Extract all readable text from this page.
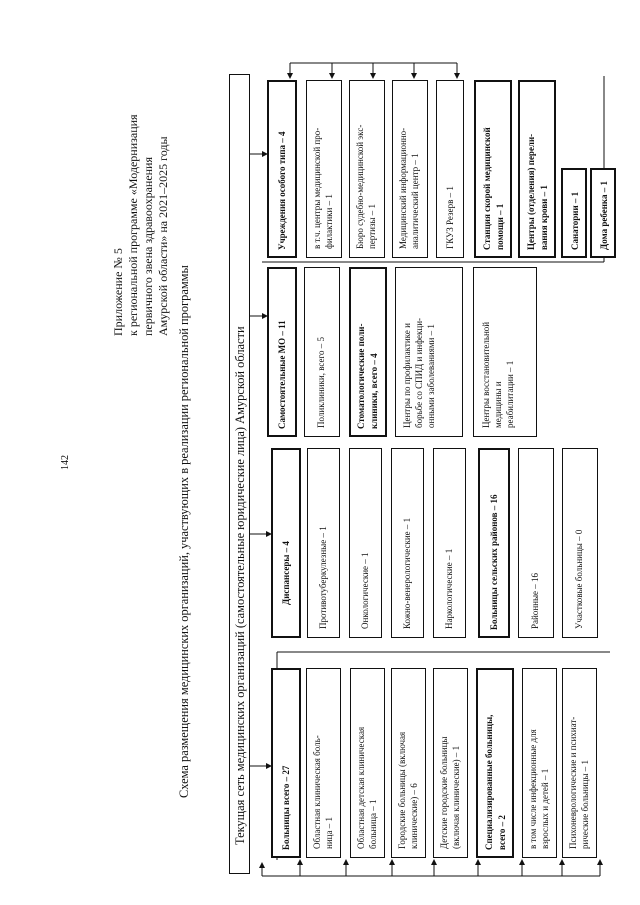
142
Приложение № 5 к региональной программе «Модернизация первичного звена здравоохранения Амурской области» на 2021–2025 годы
Схема размещения медицинских организаций, участвующих в реализации региональной программы	Текущая сеть медицинских организаций (самостоятельные юридические лица) Амурской области	Больницы всего – 27 Областная клиническая боль- ница – 1 Областная детская клиническая больница – 1 Городские больницы (включая клинические) – 6 Детские городские больницы (включая клинические) – 1	Специализированные больницы, всего – 2 в том числе инфекционные для взрослых и детей – 1 Психоневрологические и психиат- рические больницы – 1
Диспансеры – 4	Противотуберкулезные – 1	Онкологические – 1	Кожно-венерологические – 1	Наркологические – 1	Больницы сельских районов – 16	Районные – 16	Участковые больницы – 0
Самостоятельные МО – 11	Поликлиники, всего – 5	Стоматологические поли- клиники, всего – 4	Центры по профилактике и борьбе со СПИД и инфекци- онными заболеваниями – 1	Центры восстановительной медицины и реабилитации – 1
Учреждения особого типа – 4	в т.ч. центры медицинской про- филактики – 1 Бюро судебно-медицинской экс- пертизы – 1 Медицинский информационно- аналитический центр – 1	ГКУЗ Резерв – 1	Станция скорой медицинской помощи – 1 Центры (отделения) перели- вания крови – 1 Санатории – 1 Дома ребенка – 1
